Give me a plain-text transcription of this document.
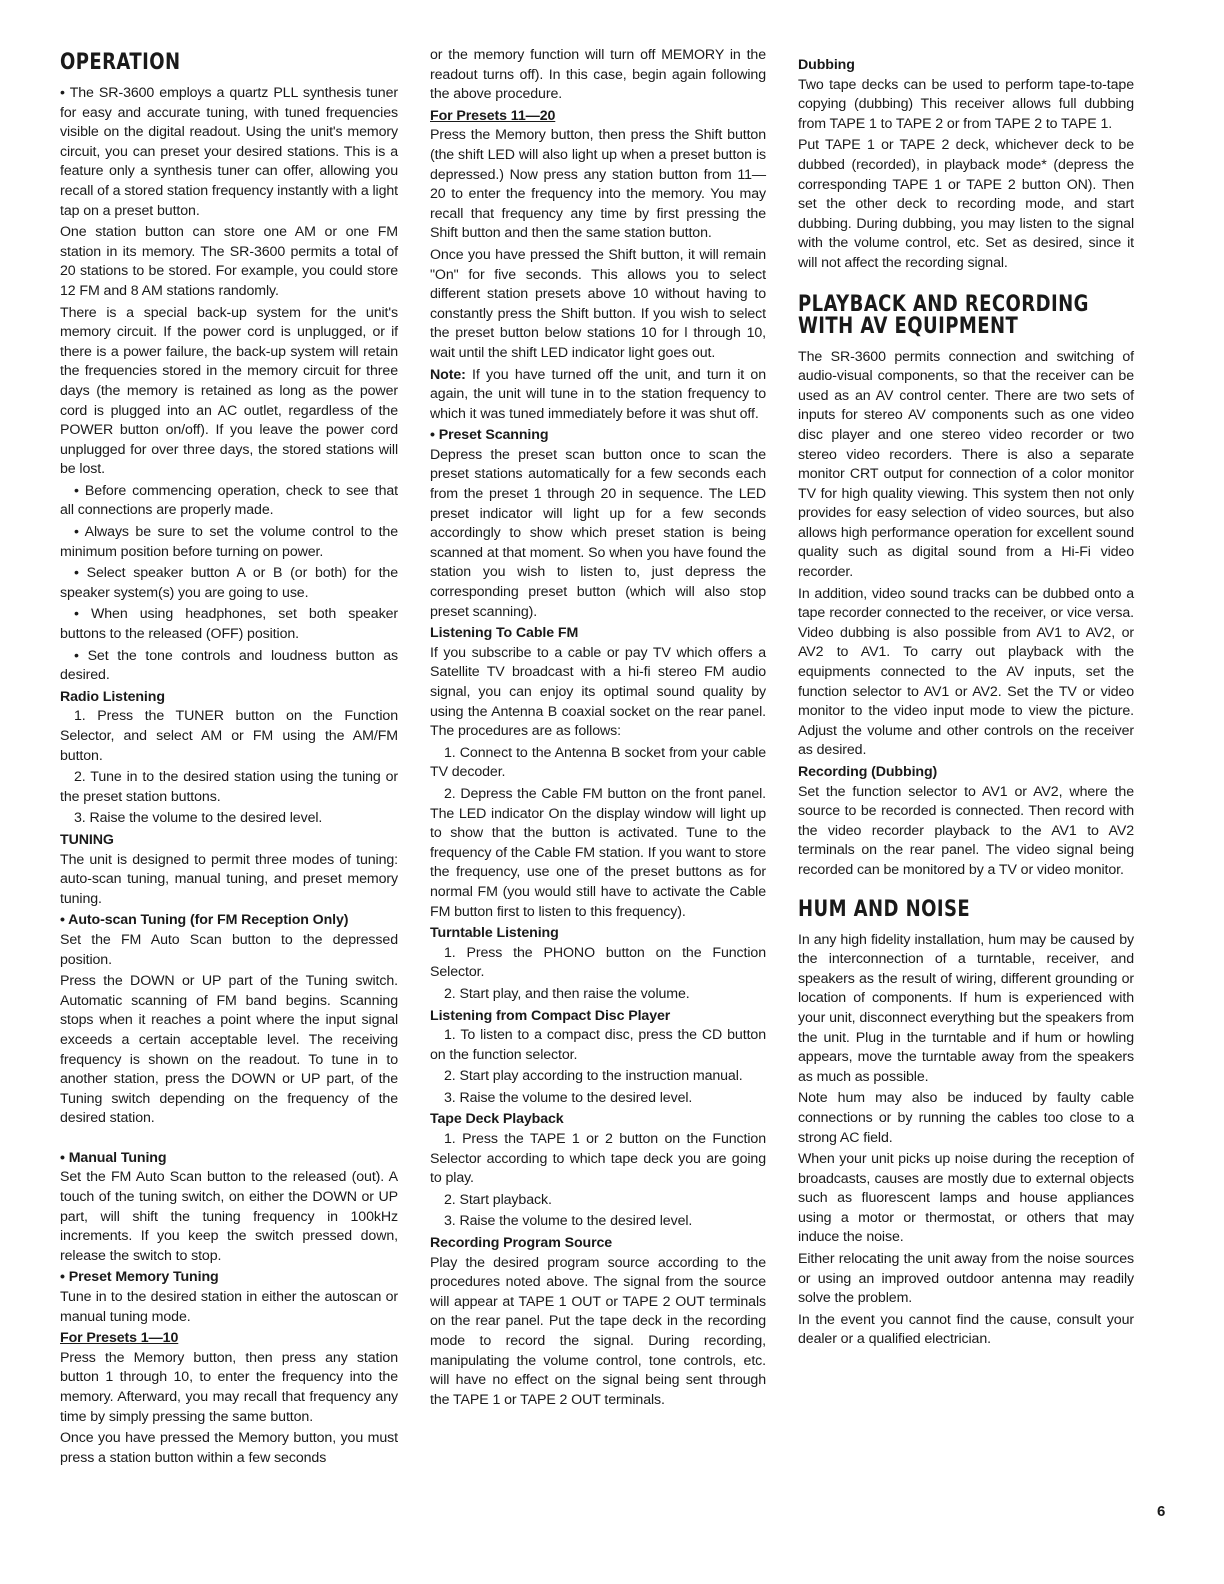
OPERATION

• The SR-3600 employs a quartz PLL synthesis tuner for easy and accurate tuning, with tuned frequencies visible on the digital readout. Using the unit's memory circuit, you can preset your desired stations. This is a feature only a synthesis tuner can offer, allowing you recall of a stored station frequency instantly with a light tap on a preset button.

One station button can store one AM or one FM station in its memory. The SR-3600 permits a total of 20 stations to be stored. For example, you could store 12 FM and 8 AM stations randomly.

There is a special back-up system for the unit's memory circuit. If the power cord is unplugged, or if there is a power failure, the back-up system will retain the frequencies stored in the memory circuit for three days (the memory is retained as long as the power cord is plugged into an AC outlet, regardless of the POWER button on/off). If you leave the power cord unplugged for over three days, the stored stations will be lost.

• Before commencing operation, check to see that all connections are properly made.

• Always be sure to set the volume control to the minimum position before turning on power.

• Select speaker button A or B (or both) for the speaker system(s) you are going to use.

• When using headphones, set both speaker buttons to the released (OFF) position.

• Set the tone controls and loudness button as desired.

Radio Listening

1. Press the TUNER button on the Function Selector, and select AM or FM using the AM/FM button.

2. Tune in to the desired station using the tuning or the preset station buttons.

3. Raise the volume to the desired level.

TUNING

The unit is designed to permit three modes of tuning: auto-scan tuning, manual tuning, and preset memory tuning.

• Auto-scan Tuning (for FM Reception Only)

Set the FM Auto Scan button to the depressed position.

Press the DOWN or UP part of the Tuning switch. Automatic scanning of FM band begins. Scanning stops when it reaches a point where the input signal exceeds a certain acceptable level. The receiving frequency is shown on the readout. To tune in to another station, press the DOWN or UP part, of the Tuning switch depending on the frequency of the desired station.

• Manual Tuning

Set the FM Auto Scan button to the released (out). A touch of the tuning switch, on either the DOWN or UP part, will shift the tuning frequency in 100kHz increments. If you keep the switch pressed down, release the switch to stop.

• Preset Memory Tuning

Tune in to the desired station in either the autoscan or manual tuning mode.

For Presets 1—10

Press the Memory button, then press any station button 1 through 10, to enter the frequency into the memory. Afterward, you may recall that frequency any time by simply pressing the same button.

Once you have pressed the Memory button, you must press a station button within a few seconds

or the memory function will turn off MEMORY in the readout turns off). In this case, begin again following the above procedure.

For Presets 11—20

Press the Memory button, then press the Shift button (the shift LED will also light up when a preset button is depressed.) Now press any station button from 11—20 to enter the frequency into the memory. You may recall that frequency any time by first pressing the Shift button and then the same station button.

Once you have pressed the Shift button, it will remain "On" for five seconds. This allows you to select different station presets above 10 without having to constantly press the Shift button. If you wish to select the preset button below stations 10 for l through 10, wait until the shift LED indicator light goes out.

Note: If you have turned off the unit, and turn it on again, the unit will tune in to the station frequency to which it was tuned immediately before it was shut off.

• Preset Scanning

Depress the preset scan button once to scan the preset stations automatically for a few seconds each from the preset 1 through 20 in sequence. The LED preset indicator will light up for a few seconds accordingly to show which preset station is being scanned at that moment. So when you have found the station you wish to listen to, just depress the corresponding preset button (which will also stop preset scanning).

Listening To Cable FM

If you subscribe to a cable or pay TV which offers a Satellite TV broadcast with a hi-fi stereo FM audio signal, you can enjoy its optimal sound quality by using the Antenna B coaxial socket on the rear panel. The procedures are as follows:

1. Connect to the Antenna B socket from your cable TV decoder.

2. Depress the Cable FM button on the front panel. The LED indicator On the display window will light up to show that the button is activated. Tune to the frequency of the Cable FM station. If you want to store the frequency, use one of the preset buttons as for normal FM (you would still have to activate the Cable FM button first to listen to this frequency).

Turntable Listening

1. Press the PHONO button on the Function Selector.

2. Start play, and then raise the volume.

Listening from Compact Disc Player

1. To listen to a compact disc, press the CD button on the function selector.

2. Start play according to the instruction manual.

3. Raise the volume to the desired level.

Tape Deck Playback

1. Press the TAPE 1 or 2 button on the Function Selector according to which tape deck you are going to play.

2. Start playback.

3. Raise the volume to the desired level.

Recording Program Source

Play the desired program source according to the procedures noted above. The signal from the source will appear at TAPE 1 OUT or TAPE 2 OUT terminals on the rear panel. Put the tape deck in the recording mode to record the signal. During recording, manipulating the volume control, tone controls, etc. will have no effect on the signal being sent through the TAPE 1 or TAPE 2 OUT terminals.

Dubbing

Two tape decks can be used to perform tape-to-tape copying (dubbing) This receiver allows full dubbing from TAPE 1 to TAPE 2 or from TAPE 2 to TAPE 1.

Put TAPE 1 or TAPE 2 deck, whichever deck to be dubbed (recorded), in playback mode* (depress the corresponding TAPE 1 or TAPE 2 button ON). Then set the other deck to recording mode, and start dubbing. During dubbing, you may listen to the signal with the volume control, etc. Set as desired, since it will not affect the recording signal.

PLAYBACK AND RECORDING WITH AV EQUIPMENT

The SR-3600 permits connection and switching of audio-visual components, so that the receiver can be used as an AV control center. There are two sets of inputs for stereo AV components such as one video disc player and one stereo video recorder or two stereo video recorders. There is also a separate monitor CRT output for connection of a color monitor TV for high quality viewing. This system then not only provides for easy selection of video sources, but also allows high performance operation for excellent sound quality such as digital sound from a Hi-Fi video recorder.

In addition, video sound tracks can be dubbed onto a tape recorder connected to the receiver, or vice versa. Video dubbing is also possible from AV1 to AV2, or AV2 to AV1. To carry out playback with the equipments connected to the AV inputs, set the function selector to AV1 or AV2. Set the TV or video monitor to the video input mode to view the picture. Adjust the volume and other controls on the receiver as desired.

Recording (Dubbing)

Set the function selector to AV1 or AV2, where the source to be recorded is connected. Then record with the video recorder playback to the AV1 to AV2 terminals on the rear panel. The video signal being recorded can be monitored by a TV or video monitor.

HUM AND NOISE

In any high fidelity installation, hum may be caused by the interconnection of a turntable, receiver, and speakers as the result of wiring, different grounding or location of components. If hum is experienced with your unit, disconnect everything but the speakers from the unit. Plug in the turntable and if hum or howling appears, move the turntable away from the speakers as much as possible.

Note hum may also be induced by faulty cable connections or by running the cables too close to a strong AC field.

When your unit picks up noise during the reception of broadcasts, causes are mostly due to external objects such as fluorescent lamps and house appliances using a motor or thermostat, or others that may induce the noise.

Either relocating the unit away from the noise sources or using an improved outdoor antenna may readily solve the problem.

In the event you cannot find the cause, consult your dealer or a qualified electrician.

6
